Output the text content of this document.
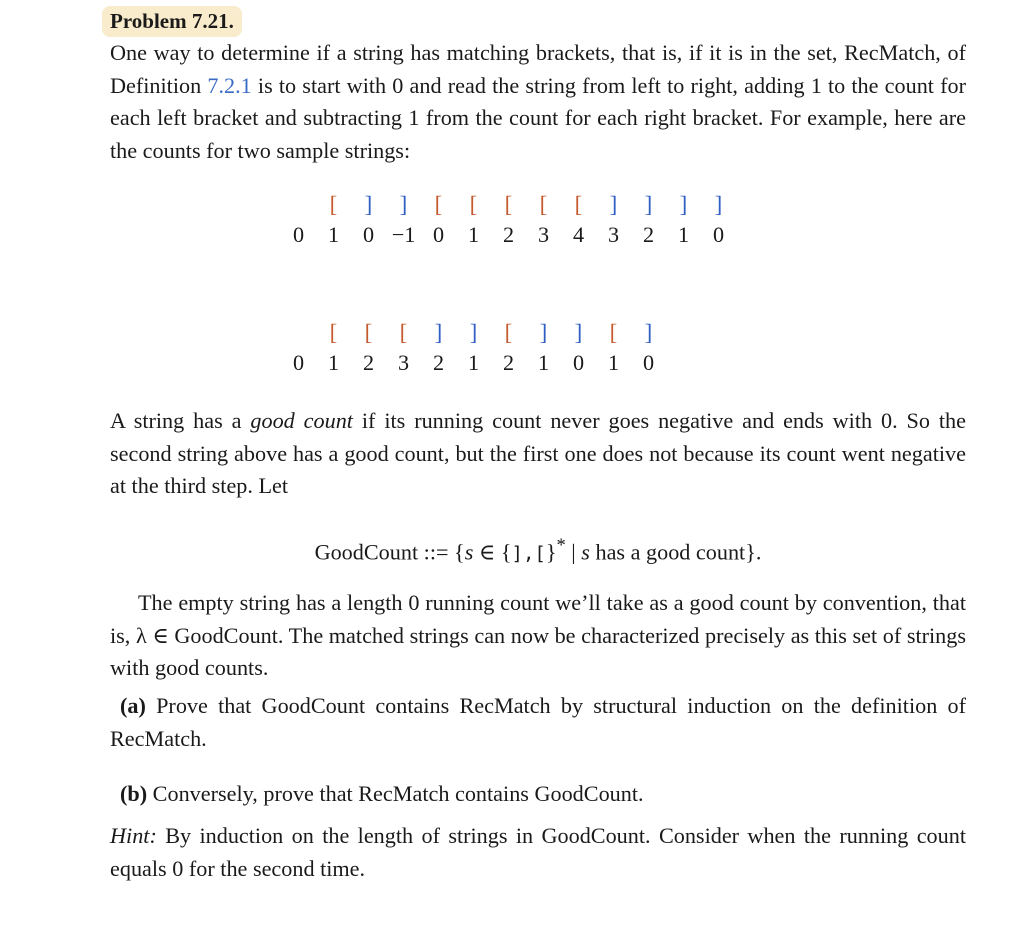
Problem 7.21.

One way to determine if a string has matching brackets, that is, if it is in the set, RecMatch, of Definition 7.2.1 is to start with 0 and read the string from left to right, adding 1 to the count for each left bracket and subtracting 1 from the count for each right bracket. For example, here are the counts for two sample strings:

0
[
1
]
0
]
−1
[
0
[
1
[
2
[
3
[
4
]
3
]
2
]
1
]
0
0
[
1
[
2
[
3
]
2
]
1
[
2
]
1
]
0
[
1
]
0

A string has a good count if its running count never goes negative and ends with 0. So the second string above has a good count, but the first one does not because its count went negative at the third step. Let

GoodCount ::= {s ∈ {],[}* | s has a good count}.

The empty string has a length 0 running count we’ll take as a good count by convention, that is, λ ∈ GoodCount. The matched strings can now be characterized precisely as this set of strings with good counts.

(a) Prove that GoodCount contains RecMatch by structural induction on the definition of RecMatch.

(b) Conversely, prove that RecMatch contains GoodCount.

Hint: By induction on the length of strings in GoodCount. Consider when the running count equals 0 for the second time.
